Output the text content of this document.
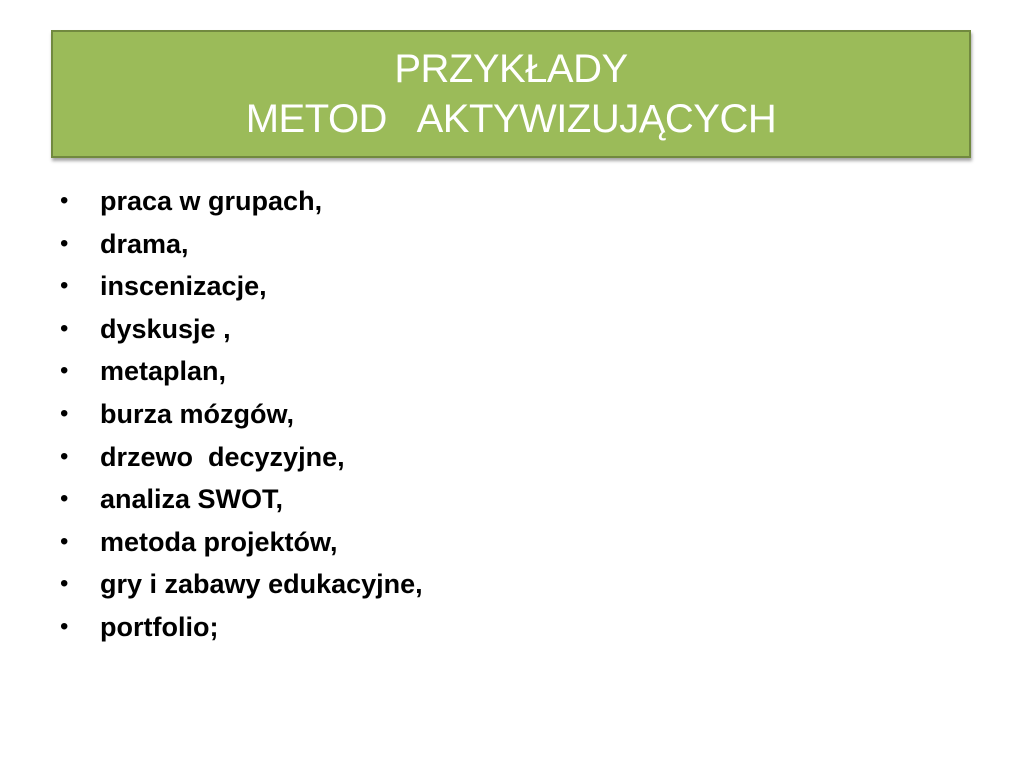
PRZYKŁADY
METOD   AKTYWIZUJĄCYCH
•	praca w grupach,
•	drama,
•	inscenizacje,
•	dyskusje ,
•	metaplan,
•	burza mózgów,
•	drzewo  decyzyjne,
•	analiza SWOT,
•	metoda projektów,
•	gry i zabawy edukacyjne,
•	portfolio;
